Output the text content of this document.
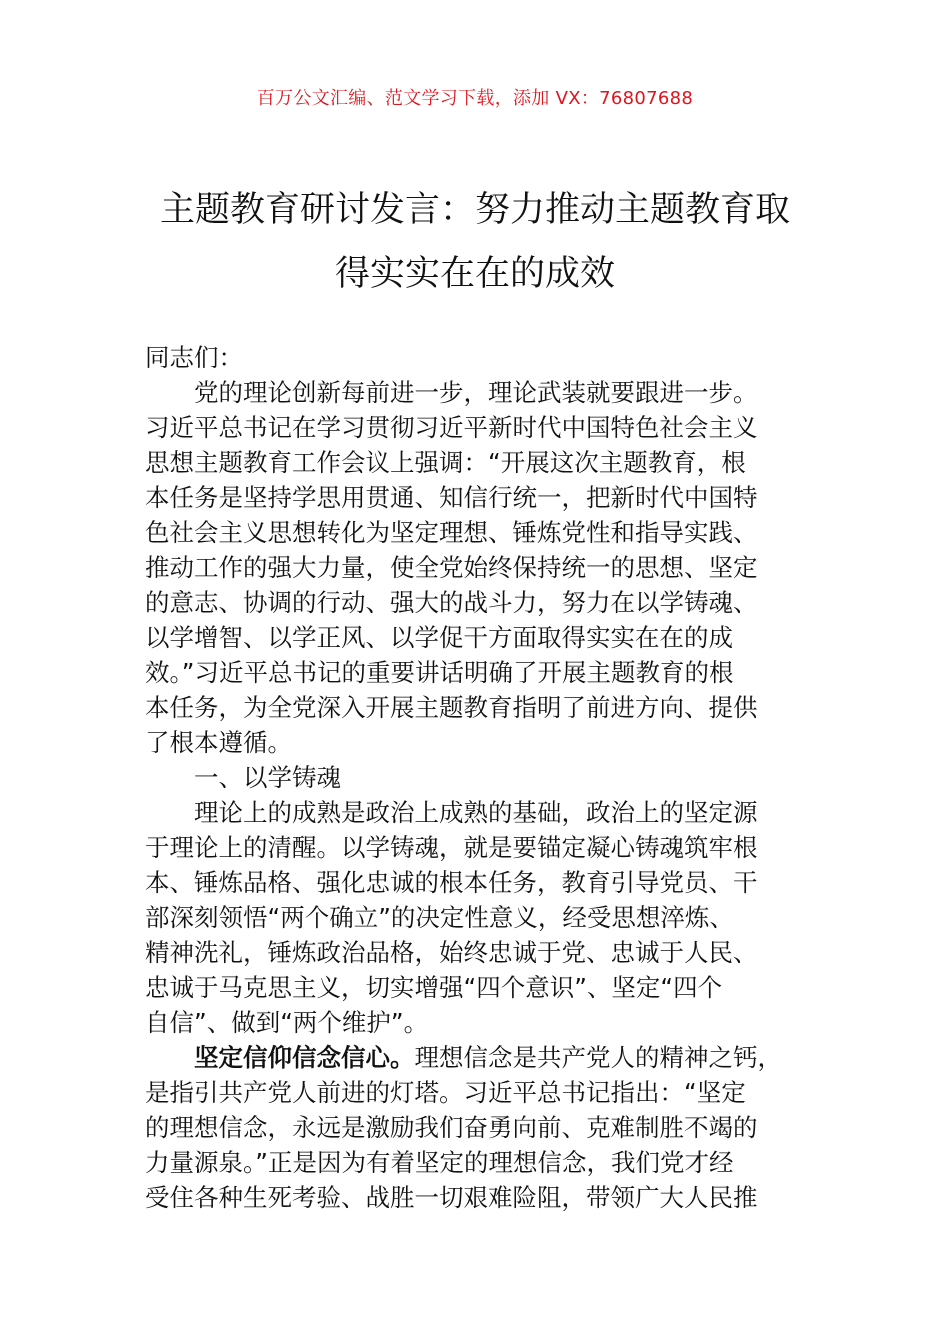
百万公文汇编、范文学习下载，添加 VX：76807688
主题教育研讨发言：努力推动主题教育取
得实实在在的成效
同志们：
党的理论创新每前进一步，理论武装就要跟进一步。
习近平总书记在学习贯彻习近平新时代中国特色社会主义
思想主题教育工作会议上强调：“开展这次主题教育，根
本任务是坚持学思用贯通、知信行统一，把新时代中国特
色社会主义思想转化为坚定理想、锤炼党性和指导实践、
推动工作的强大力量，使全党始终保持统一的思想、坚定
的意志、协调的行动、强大的战斗力，努力在以学铸魂、
以学增智、以学正风、以学促干方面取得实实在在的成
效。”习近平总书记的重要讲话明确了开展主题教育的根
本任务，为全党深入开展主题教育指明了前进方向、提供
了根本遵循。
一、以学铸魂
理论上的成熟是政治上成熟的基础，政治上的坚定源
于理论上的清醒。以学铸魂，就是要锚定凝心铸魂筑牢根
本、锤炼品格、强化忠诚的根本任务，教育引导党员、干
部深刻领悟“两个确立”的决定性意义，经受思想淬炼、
精神洗礼，锤炼政治品格，始终忠诚于党、忠诚于人民、
忠诚于马克思主义，切实增强“四个意识”、坚定“四个
自信”、做到“两个维护”。
坚定信仰信念信心。理想信念是共产党人的精神之钙，
是指引共产党人前进的灯塔。习近平总书记指出：“坚定
的理想信念，永远是激励我们奋勇向前、克难制胜不竭的
力量源泉。”正是因为有着坚定的理想信念，我们党才经
受住各种生死考验、战胜一切艰难险阻，带领广大人民推
